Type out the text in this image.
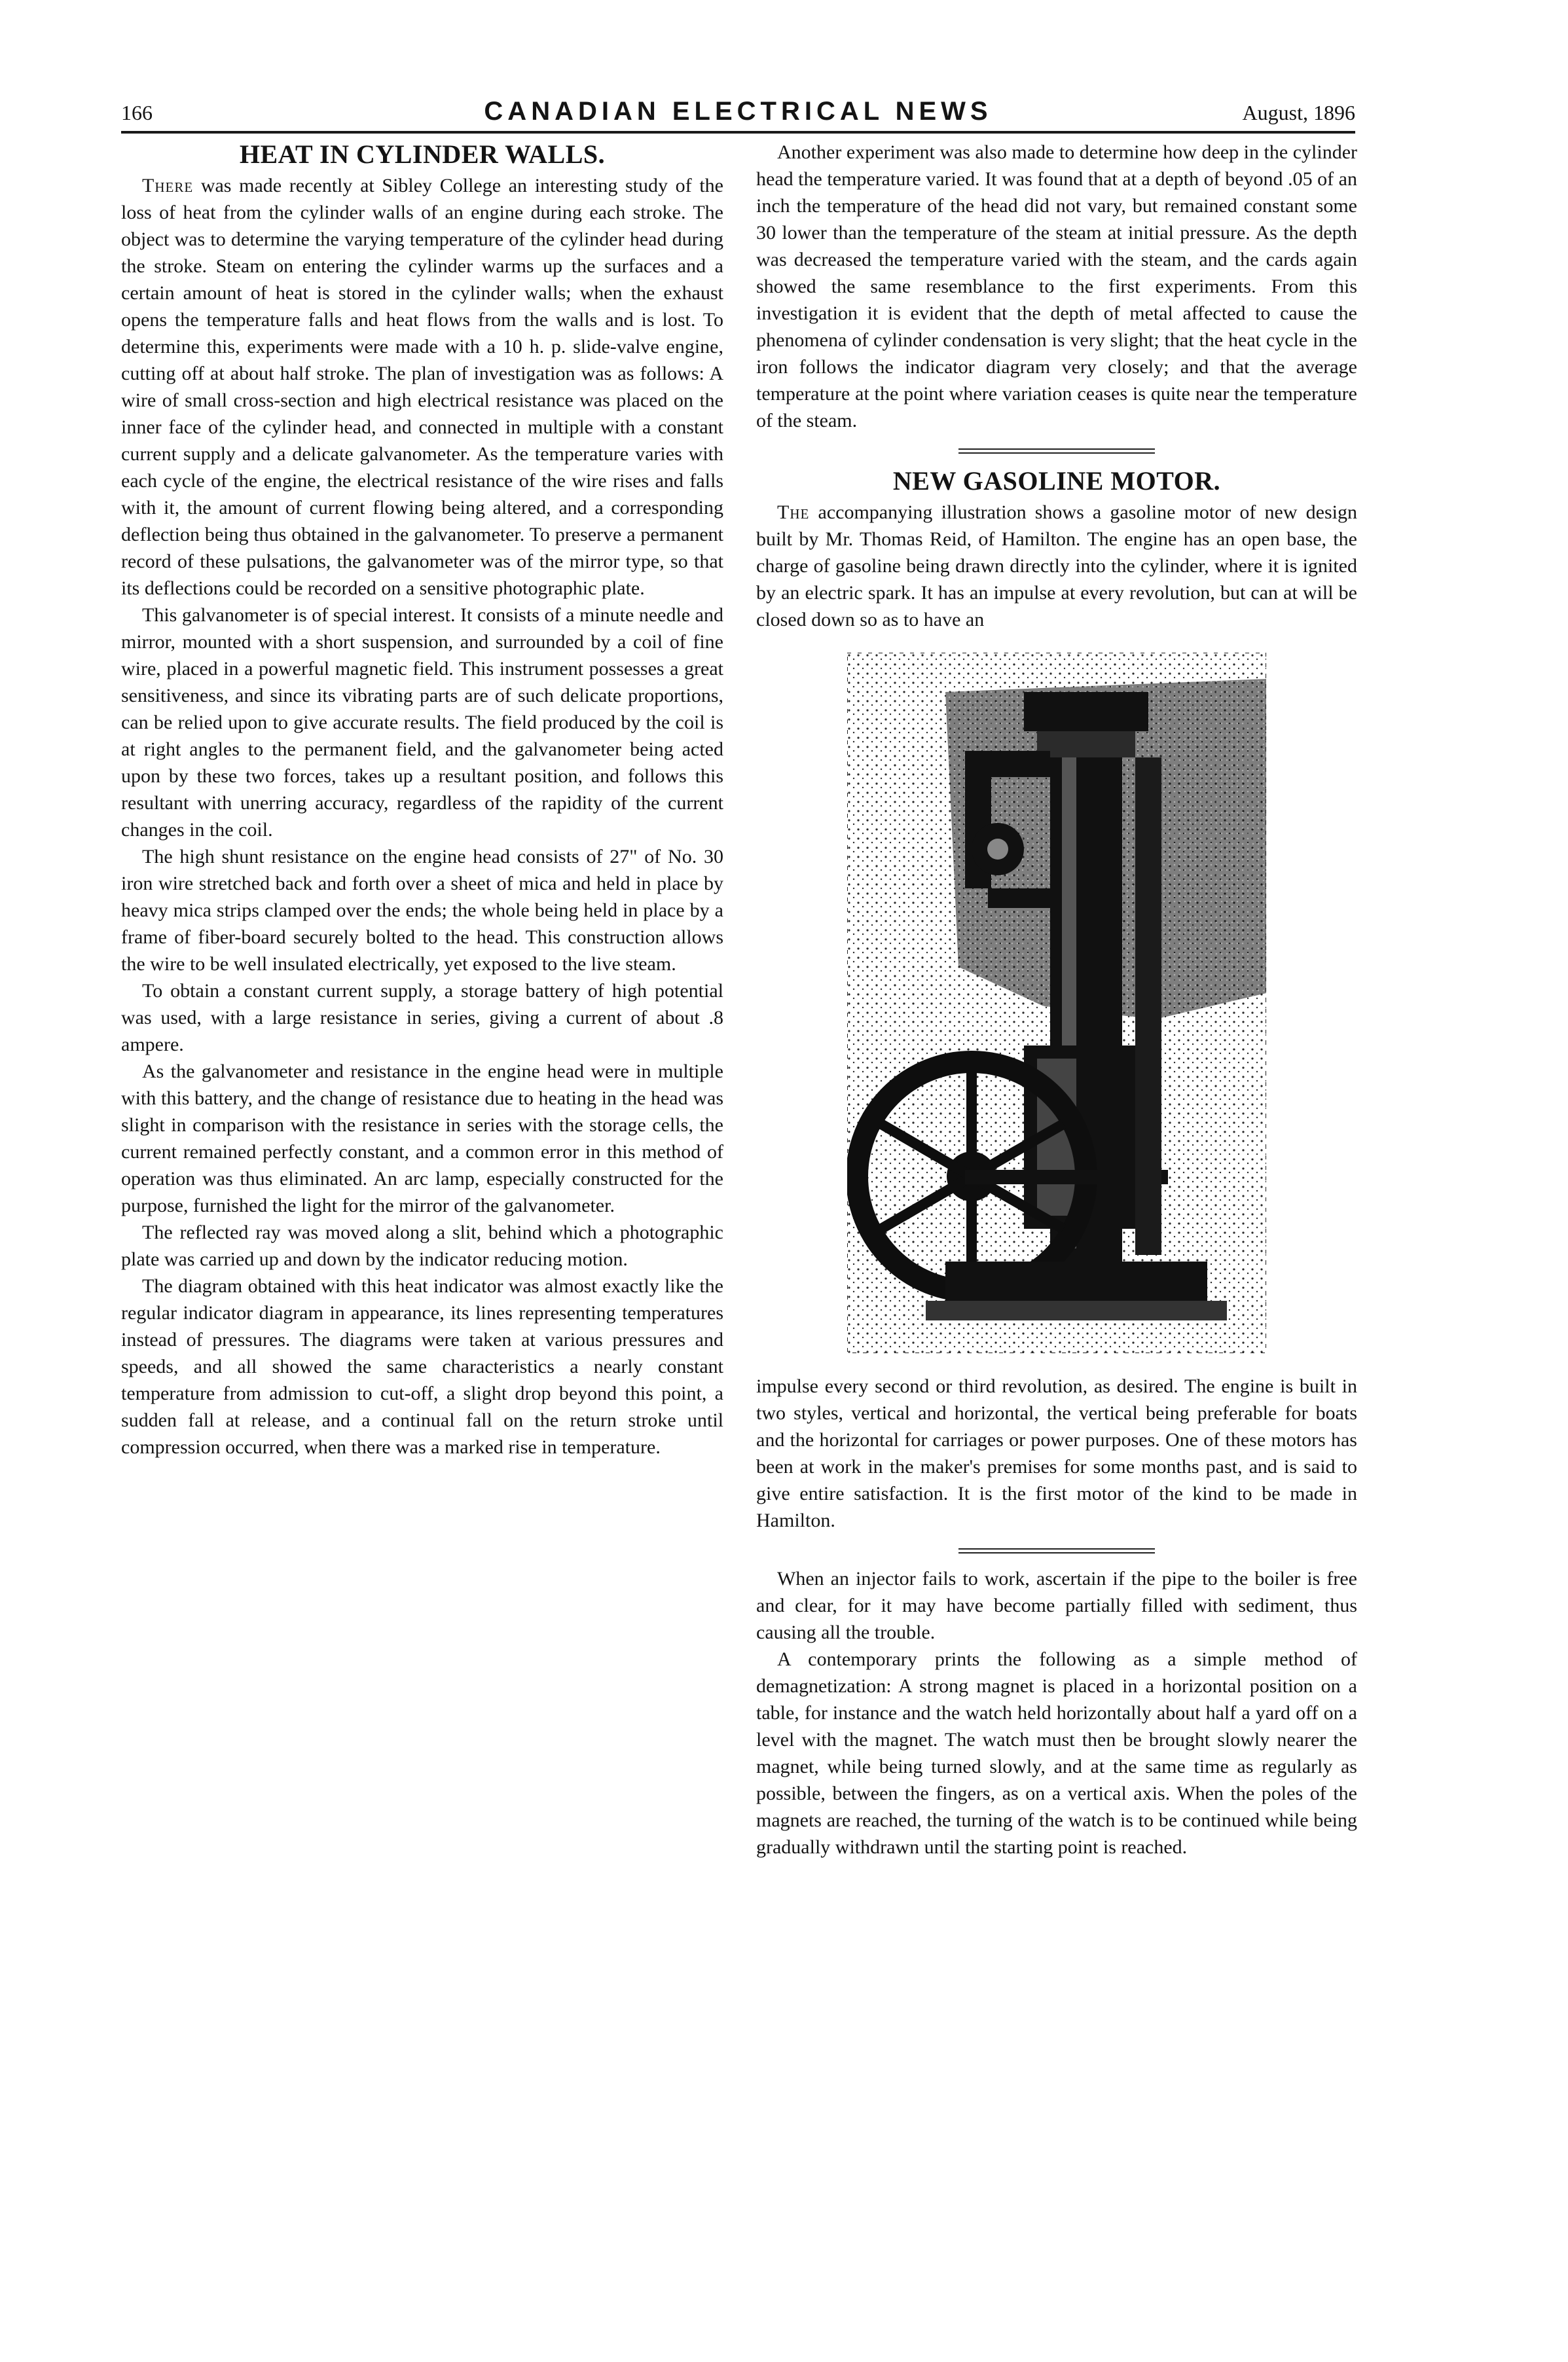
166	CANADIAN ELECTRICAL NEWS	August, 1896
HEAT IN CYLINDER WALLS.

There was made recently at Sibley College an interesting study of the loss of heat from the cylinder walls of an engine during each stroke. The object was to determine the varying temperature of the cylinder head during the stroke. Steam on entering the cylinder warms up the surfaces and a certain amount of heat is stored in the cylinder walls; when the exhaust opens the temperature falls and heat flows from the walls and is lost. To determine this, experiments were made with a 10 h. p. slide-valve engine, cutting off at about half stroke. The plan of investigation was as follows: A wire of small cross-section and high electrical resistance was placed on the inner face of the cylinder head, and connected in multiple with a constant current supply and a delicate galvanometer. As the temperature varies with each cycle of the engine, the electrical resistance of the wire rises and falls with it, the amount of current flowing being altered, and a corresponding deflection being thus obtained in the galvanometer. To preserve a permanent record of these pulsations, the galvanometer was of the mirror type, so that its deflections could be recorded on a sensitive photographic plate.

This galvanometer is of special interest. It consists of a minute needle and mirror, mounted with a short suspension, and surrounded by a coil of fine wire, placed in a powerful magnetic field. This instrument possesses a great sensitiveness, and since its vibrating parts are of such delicate proportions, can be relied upon to give accurate results. The field produced by the coil is at right angles to the permanent field, and the galvanometer being acted upon by these two forces, takes up a resultant position, and follows this resultant with unerring accuracy, regardless of the rapidity of the current changes in the coil.

The high shunt resistance on the engine head consists of 27" of No. 30 iron wire stretched back and forth over a sheet of mica and held in place by heavy mica strips clamped over the ends; the whole being held in place by a frame of fiber-board securely bolted to the head. This construction allows the wire to be well insulated electrically, yet exposed to the live steam.

To obtain a constant current supply, a storage battery of high potential was used, with a large resistance in series, giving a current of about .8 ampere.

As the galvanometer and resistance in the engine head were in multiple with this battery, and the change of resistance due to heating in the head was slight in comparison with the resistance in series with the storage cells, the current remained perfectly constant, and a common error in this method of operation was thus eliminated. An arc lamp, especially constructed for the purpose, furnished the light for the mirror of the galvanometer.

The reflected ray was moved along a slit, behind which a photographic plate was carried up and down by the indicator reducing motion.

The diagram obtained with this heat indicator was almost exactly like the regular indicator diagram in appearance, its lines representing temperatures instead of pressures. The diagrams were taken at various pressures and speeds, and all showed the same characteristics a nearly constant temperature from admission to cut-off, a slight drop beyond this point, a sudden fall at release, and a continual fall on the return stroke until compression occurred, when there was a marked rise in temperature.

Another experiment was also made to determine how deep in the cylinder head the temperature varied. It was found that at a depth of beyond .05 of an inch the temperature of the head did not vary, but remained constant some 30 lower than the temperature of the steam at initial pressure. As the depth was decreased the temperature varied with the steam, and the cards again showed the same resemblance to the first experiments. From this investigation it is evident that the depth of metal affected to cause the phenomena of cylinder condensation is very slight; that the heat cycle in the iron follows the indicator diagram very closely; and that the average temperature at the point where variation ceases is quite near the temperature of the steam.

NEW GASOLINE MOTOR.

The accompanying illustration shows a gasoline motor of new design built by Mr. Thomas Reid, of Hamilton. The engine has an open base, the charge of gasoline being drawn directly into the cylinder, where it is ignited by an electric spark. It has an impulse at every revolution, but can at will be closed down so as to have an

impulse every second or third revolution, as desired. The engine is built in two styles, vertical and horizontal, the vertical being preferable for boats and the horizontal for carriages or power purposes. One of these motors has been at work in the maker's premises for some months past, and is said to give entire satisfaction. It is the first motor of the kind to be made in Hamilton.

When an injector fails to work, ascertain if the pipe to the boiler is free and clear, for it may have become partially filled with sediment, thus causing all the trouble.

A contemporary prints the following as a simple method of demagnetization: A strong magnet is placed in a horizontal position on a table, for instance and the watch held horizontally about half a yard off on a level with the magnet. The watch must then be brought slowly nearer the magnet, while being turned slowly, and at the same time as regularly as possible, between the fingers, as on a vertical axis. When the poles of the magnets are reached, the turning of the watch is to be continued while being gradually withdrawn until the starting point is reached.
